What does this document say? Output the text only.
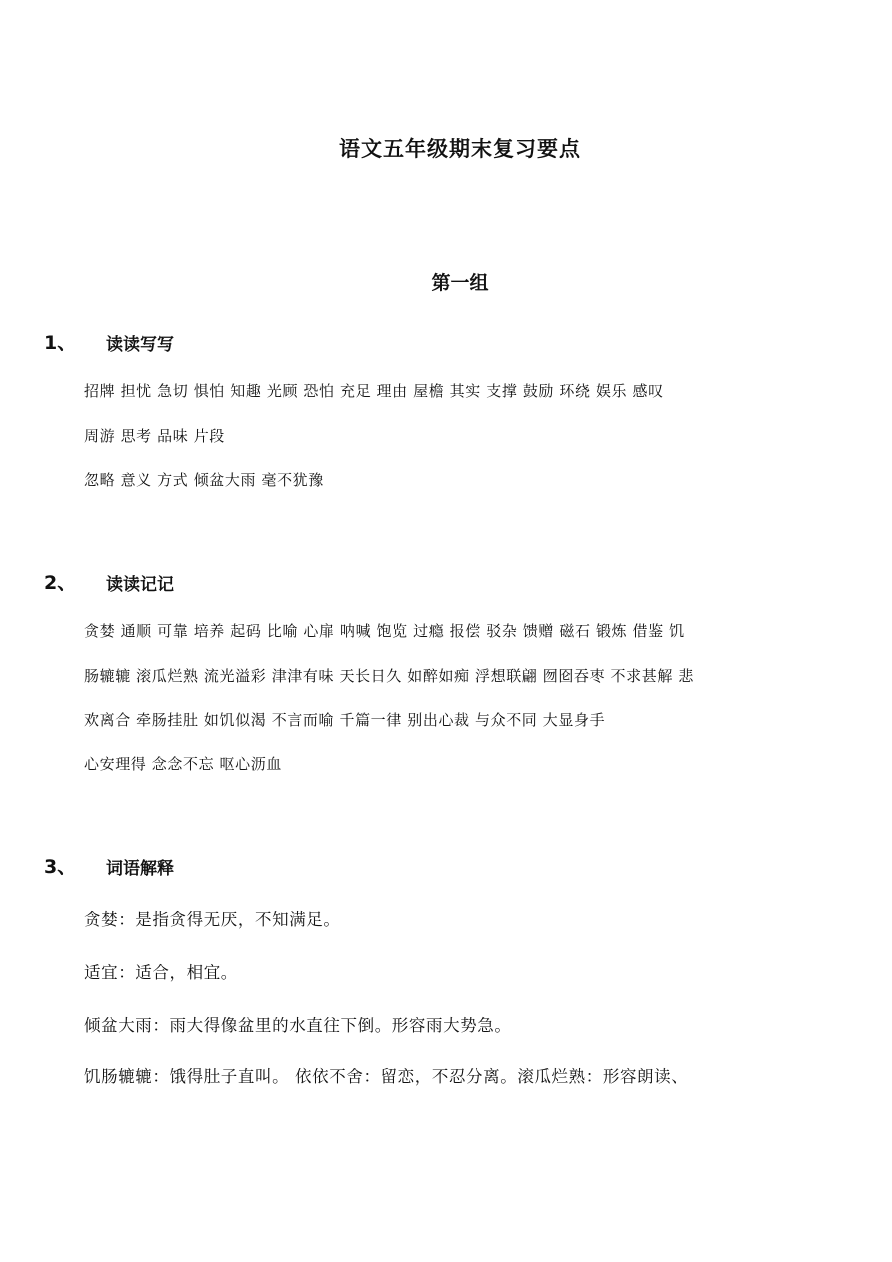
语文五年级期末复习要点
第一组
1、 读读写写
招牌 担忧 急切 惧怕 知趣 光顾 恐怕 充足 理由 屋檐 其实 支撑 鼓励 环绕 娱乐 感叹
周游 思考 品味 片段
忽略 意义 方式 倾盆大雨 毫不犹豫
2、 读读记记
贪婪 通顺 可靠 培养 起码 比喻 心扉 呐喊 饱览 过瘾 报偿 驳杂 馈赠 磁石 锻炼 借鉴 饥
肠辘辘 滚瓜烂熟 流光溢彩 津津有味 天长日久 如醉如痴 浮想联翩 囫囵吞枣 不求甚解 悲
欢离合 牵肠挂肚 如饥似渴 不言而喻 千篇一律 别出心裁 与众不同 大显身手
心安理得 念念不忘 呕心沥血
3、 词语解释
贪婪：是指贪得无厌，不知满足。
适宜：适合，相宜。
倾盆大雨：雨大得像盆里的水直往下倒。形容雨大势急。
饥肠辘辘：饿得肚子直叫。 依依不舍：留恋，不忍分离。滚瓜烂熟：形容朗读、
